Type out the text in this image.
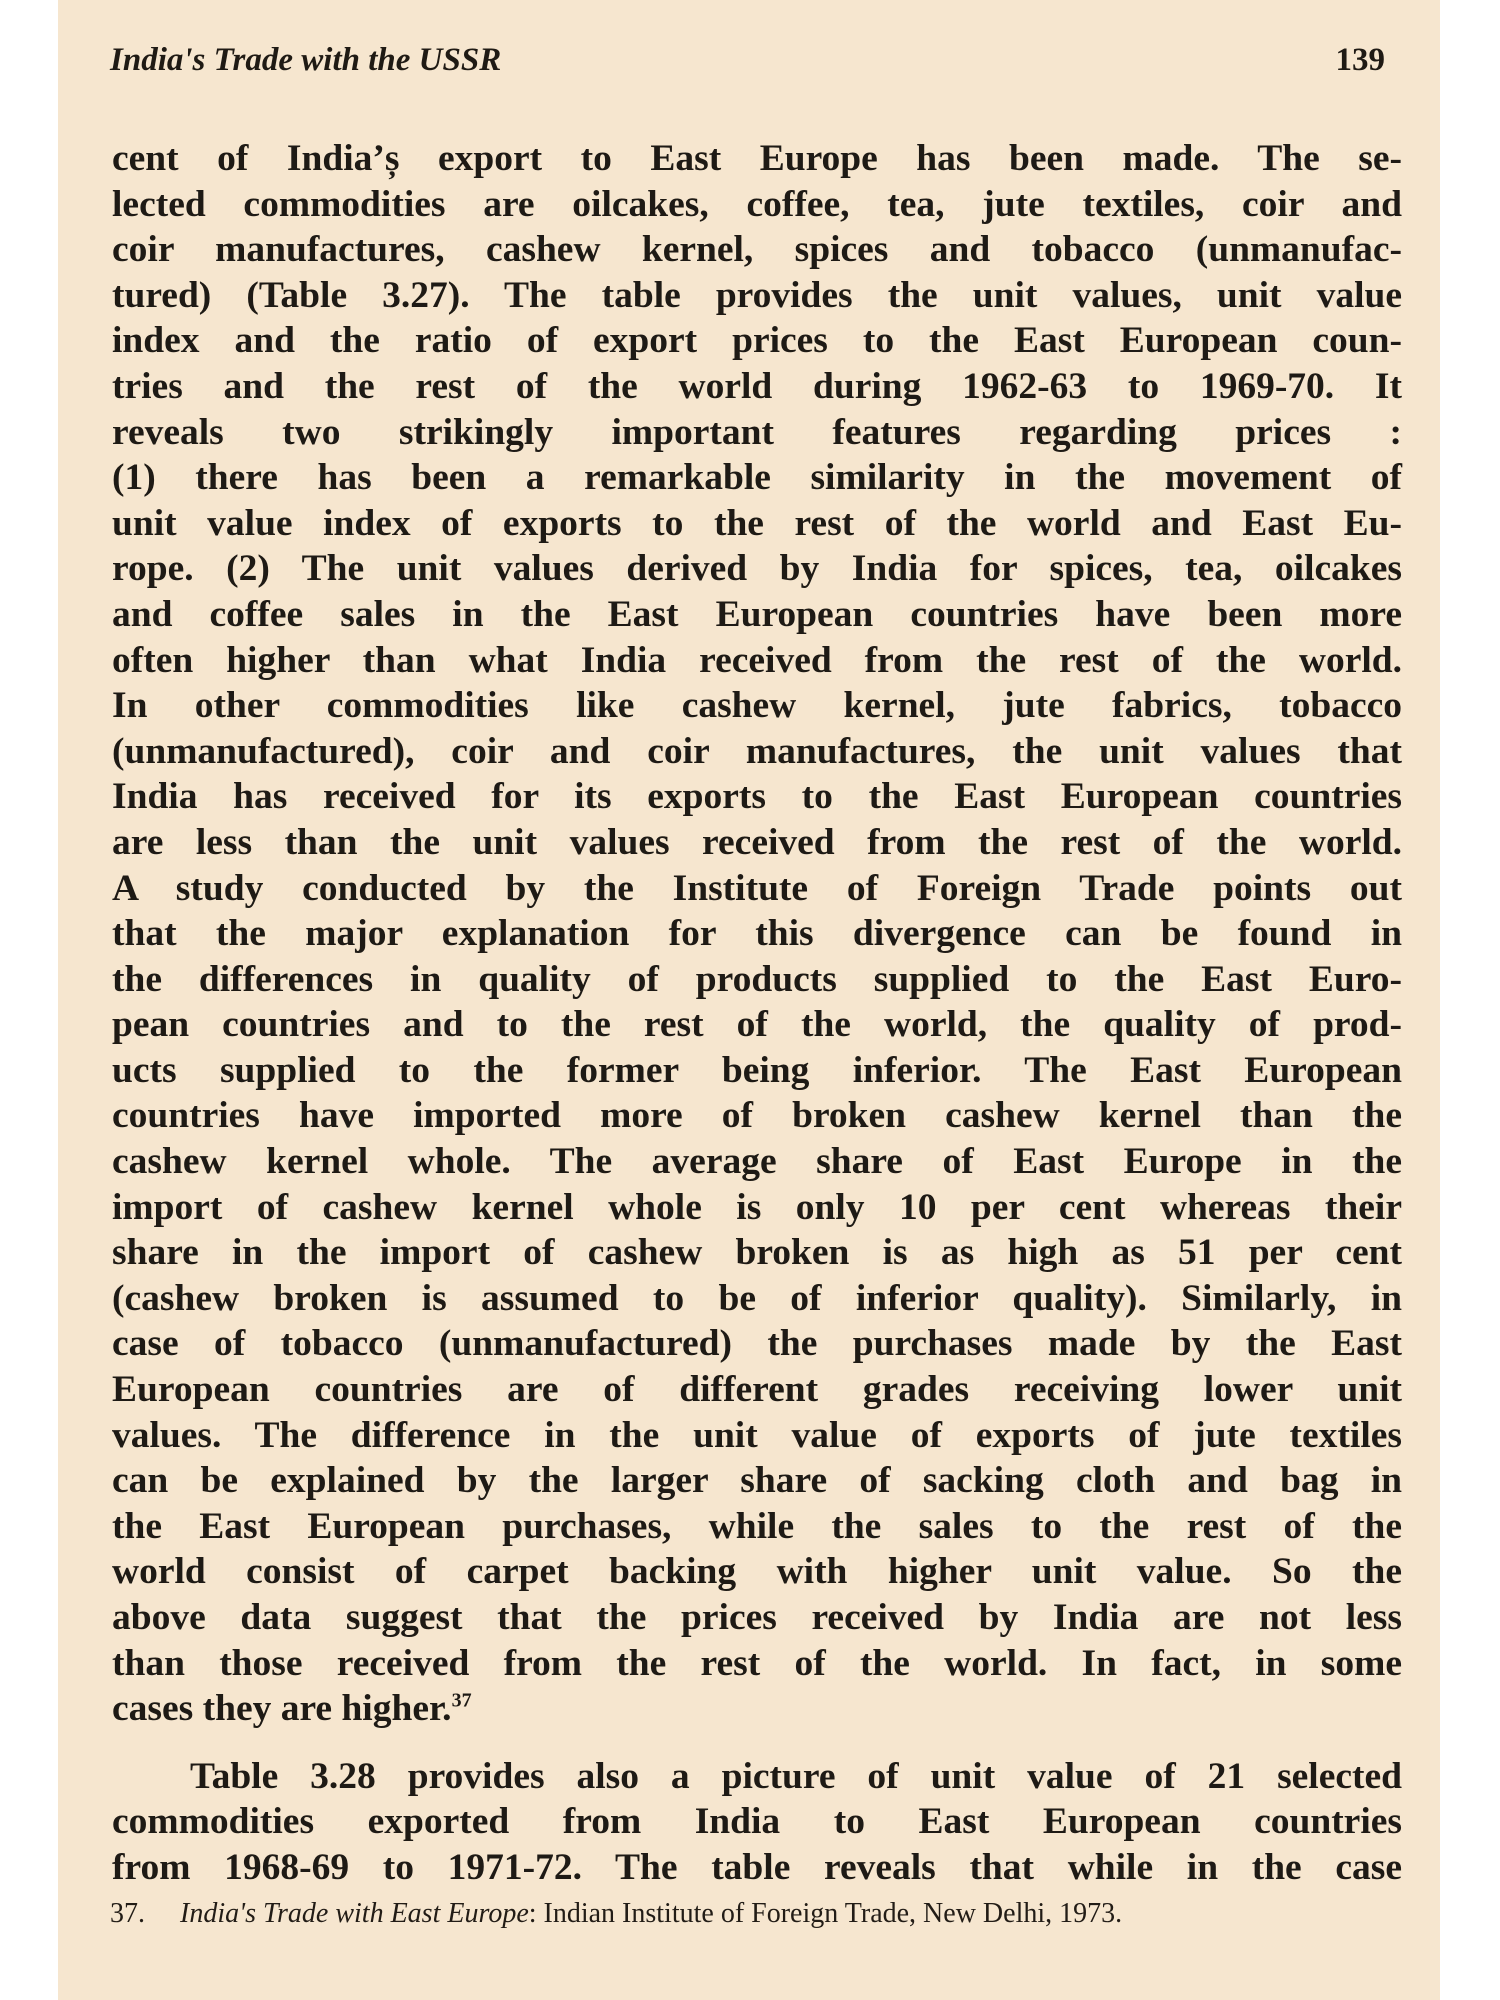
India's Trade with the USSR	139
cent of India’ș export to East Europe has been made. The se-
lected commodities are oilcakes, coffee, tea, jute textiles, coir and
coir manufactures, cashew kernel, spices and tobacco (unmanufac-
tured) (Table 3.27). The table provides the unit values, unit value
index and the ratio of export prices to the East European coun-
tries and the rest of the world during 1962-63 to 1969-70. It
reveals two strikingly important features regarding prices :
(1) there has been a remarkable similarity in the movement of
unit value index of exports to the rest of the world and East Eu-
rope. (2) The unit values derived by India for spices, tea, oilcakes
and coffee sales in the East European countries have been more
often higher than what India received from the rest of the world.
In other commodities like cashew kernel, jute fabrics, tobacco
(unmanufactured), coir and coir manufactures, the unit values that
India has received for its exports to the East European countries
are less than the unit values received from the rest of the world.
A study conducted by the Institute of Foreign Trade points out
that the major explanation for this divergence can be found in
the differences in quality of products supplied to the East Euro-
pean countries and to the rest of the world, the quality of prod-
ucts supplied to the former being inferior. The East European
countries have imported more of broken cashew kernel than the
cashew kernel whole. The average share of East Europe in the
import of cashew kernel whole is only 10 per cent whereas their
share in the import of cashew broken is as high as 51 per cent
(cashew broken is assumed to be of inferior quality). Similarly, in
case of tobacco (unmanufactured) the purchases made by the East
European countries are of different grades receiving lower unit
values. The difference in the unit value of exports of jute textiles
can be explained by the larger share of sacking cloth and bag in
the East European purchases, while the sales to the rest of the
world consist of carpet backing with higher unit value. So the
above data suggest that the prices received by India are not less
than those received from the rest of the world. In fact, in some
cases they are higher.$^{37}$
Table 3.28 provides also a picture of unit value of 21 selected
commodities exported from India to East European countries
from 1968-69 to 1971-72. The table reveals that while in the case
37. India's Trade with East Europe: Indian Institute of Foreign Trade, New Delhi, 1973.
